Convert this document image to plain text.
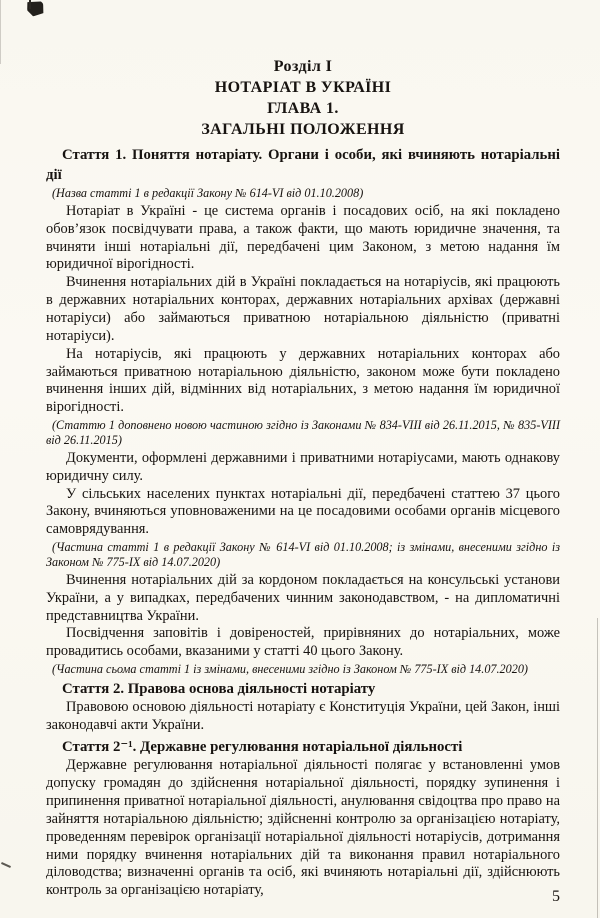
Розділ I

НОТАРІАТ В УКРАЇНІ

ГЛАВА 1.

ЗАГАЛЬНІ ПОЛОЖЕННЯ

Стаття 1. Поняття нотаріату. Органи і особи, які вчиняють нотаріальні дії

(Назва статті 1 в редакції Закону № 614-VI від 01.10.2008)

Нотаріат в Україні - це система органів і посадових осіб, на які покладено обов’язок посвідчувати права, а також факти, що мають юридичне значення, та вчиняти інші нотаріальні дії, передбачені цим Законом, з метою надання їм юридичної вірогідності.

Вчинення нотаріальних дій в Україні покладається на нотаріусів, які працюють в державних нотаріальних конторах, державних нотаріальних архівах (державні нотаріуси) або займаються приватною нотаріальною діяльністю (приватні нотаріуси).

На нотаріусів, які працюють у державних нотаріальних конторах або займаються приватною нотаріальною діяльністю, законом може бути покладено вчинення інших дій, відмінних від нотаріальних, з метою надання їм юридичної вірогідності.

(Статтю 1 доповнено новою частиною згідно із Законами № 834-VIII від 26.11.2015, № 835-VIII від 26.11.2015)

Документи, оформлені державними і приватними нотаріусами, мають однакову юридичну силу.

У сільських населених пунктах нотаріальні дії, передбачені статтею 37 цього Закону, вчиняються уповноваженими на це посадовими особами органів місцевого самоврядування.

(Частина статті 1 в редакції Закону № 614-VI від 01.10.2008; із змінами, внесеними згідно із Законом № 775-IX від 14.07.2020)

Вчинення нотаріальних дій за кордоном покладається на консульські установи України, а у випадках, передбачених чинним законодавством, - на дипломатичні представництва України.

Посвідчення заповітів і довіреностей, прирівняних до нотаріальних, може провадитись особами, вказаними у статті 40 цього Закону.

(Частина сьома статті 1 із змінами, внесеними згідно із Законом № 775-IX від 14.07.2020)

Стаття 2. Правова основа діяльності нотаріату

Правовою основою діяльності нотаріату є Конституція України, цей Закон, інші законодавчі акти України.

Стаття 2⁻¹. Державне регулювання нотаріальної діяльності

Державне регулювання нотаріальної діяльності полягає у встановленні умов допуску громадян до здійснення нотаріальної діяльності, порядку зупинення і припинення приватної нотаріальної діяльності, анулювання свідоцтва про право на зайняття нотаріальною діяльністю; здійсненні контролю за організацією нотаріату, проведенням перевірок організації нотаріальної діяльності нотаріусів, дотримання ними порядку вчинення нотаріальних дій та виконання правил нотаріального діловодства; визначенні органів та осіб, які вчиняють нотаріальні дії, здійснюють контроль за організацією нотаріату,	5
